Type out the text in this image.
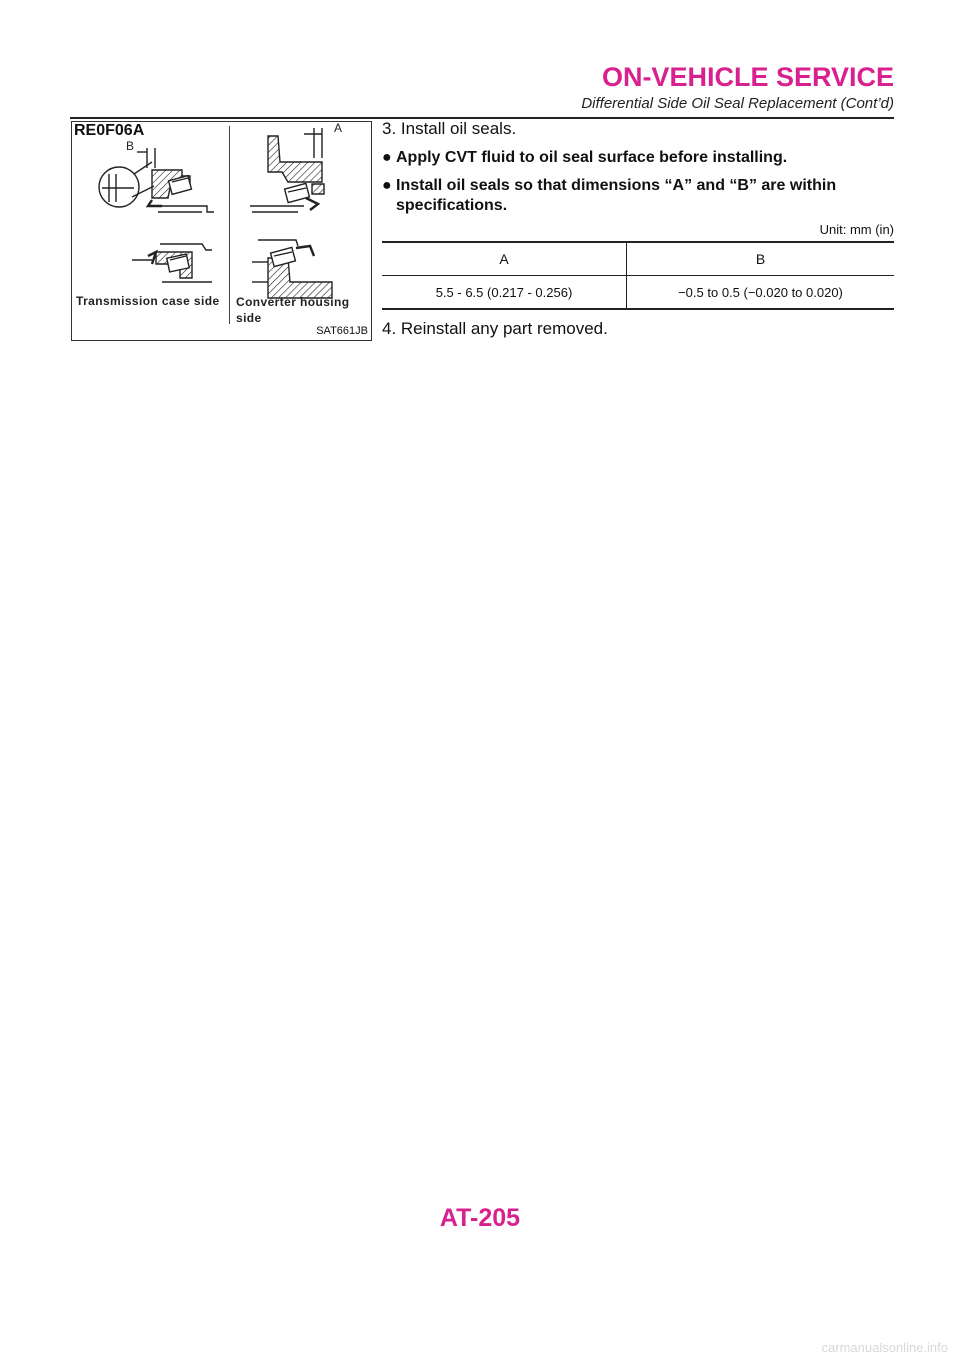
ON-VEHICLE SERVICE
Differential Side Oil Seal Replacement (Cont’d)
RE0F06A
B
A
Transmission case side Converter housing
side
SAT661JB

3. Install oil seals.

● Apply CVT fluid to oil seal surface before installing.
● Install oil seals so that dimensions “A” and “B” are within specifications.
Unit: mm (in)
A	B
5.5 - 6.5 (0.217 - 0.256)	−0.5 to 0.5 (−0.020 to 0.020)
4. Reinstall any part removed.
AT-205
carmanualsonline.info
